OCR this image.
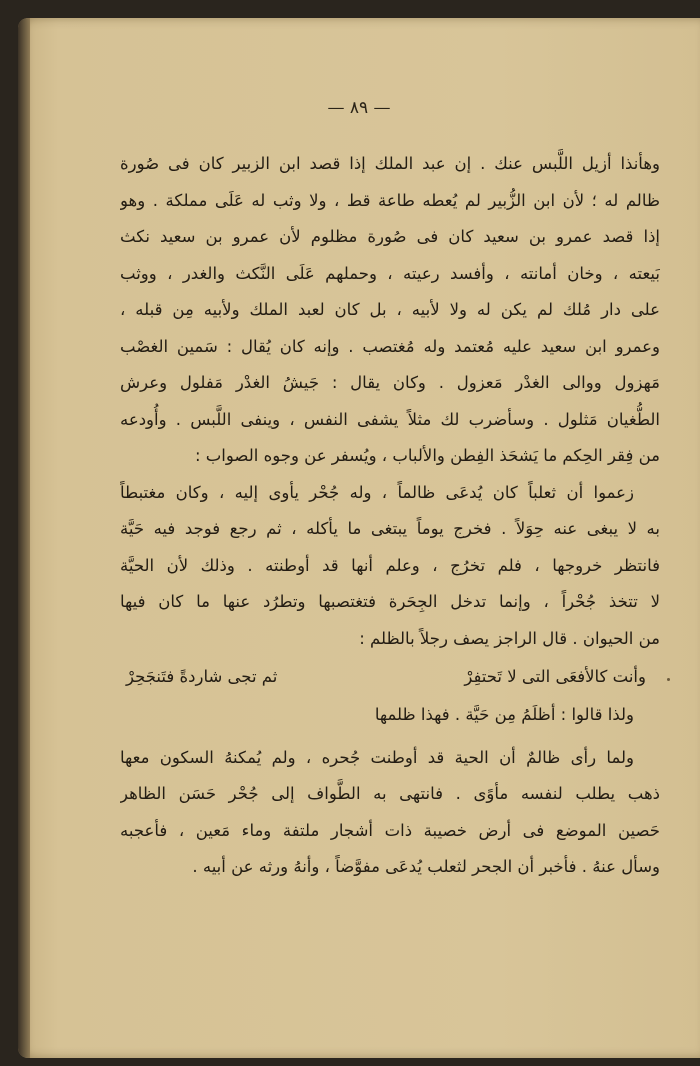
— ٨٩ —
وهأنذا أزيل اللَّبس عنك . إن عبد الملك إذا قصد ابن الزبير كان فى صُورة
ظالم له ؛ لأن ابن الزُّبير لم يُعطه طاعة قط ، ولا وثب له عَلَى مملكة . وهو
إذا قصد عمرو بن سعيد كان فى صُورة مظلوم لأن عمرو بن سعيد نكث
بَيعته ، وخان أمانته ، وأفسد رعيته ، وحملهم عَلَى النَّكث والغدر ، ووثب
على دار مُلك لم يكن له ولا لأبيه ، بل كان لعبد الملك ولأبيه مِن قبله ،
وعمرو ابن سعيد عليه مُعتمد وله مُغتصب . وإنه كان يُقال : سَمين الغصْب
مَهزول ووالى الغدْر مَعزول . وكان يقال : جَيشُ الغدْر مَفلول وعرش
الطُّغيان مَثلول . وسأضرب لك مثلاً يشفى النفس ، وينفى اللَّبس . وأُودعه
من فِقر الحِكم ما يَشحَذ الفِطن والألباب ، ويُسفر عن وجوه الصواب :
زعموا أن ثعلباً كان يُدعَى ظالماً ، وله جُحْر يأوى إليه ، وكان مغتبطاً
به لا يبغى عنه حِوَلاً . فخرج يوماً يبتغى ما يأكله ، ثم رجع فوجد فيه حَيَّة
فانتظر خروجها ، فلم تخرُج ، وعلم أنها قد أوطنته . وذلك لأن الحيَّة
لا تتخذ جُحْراً ، وإنما تدخل الجِحَرة فتغتصبها وتطرُد عنها ما كان فيها
من الحيوان . قال الراجز يصف رجلاً بالظلم :
وأنت كالأفعَى التى لا تَحتفِرْ
ثم تجى شاردةً فتَنجَحِرْ
ولذا قالوا : أظلَمُ مِن حَيَّة . فهذا ظلمها
ولما رأى ظالمٌ أن الحية قد أوطنت جُحره ، ولم يُمكنهُ السكون معها
ذهب يطلب لنفسه مأوًى . فانتهى به الطَّواف إلى جُحْر حَسَن الظاهر
حَصين الموضع فى أرض خصيبة ذات أشجار ملتفة وماء مَعين ، فأعجبه
وسأل عنهُ . فأخبر أن الجحر لثعلب يُدعَى مفوَّضاً ، وأنهُ ورثه عن أبيه .
